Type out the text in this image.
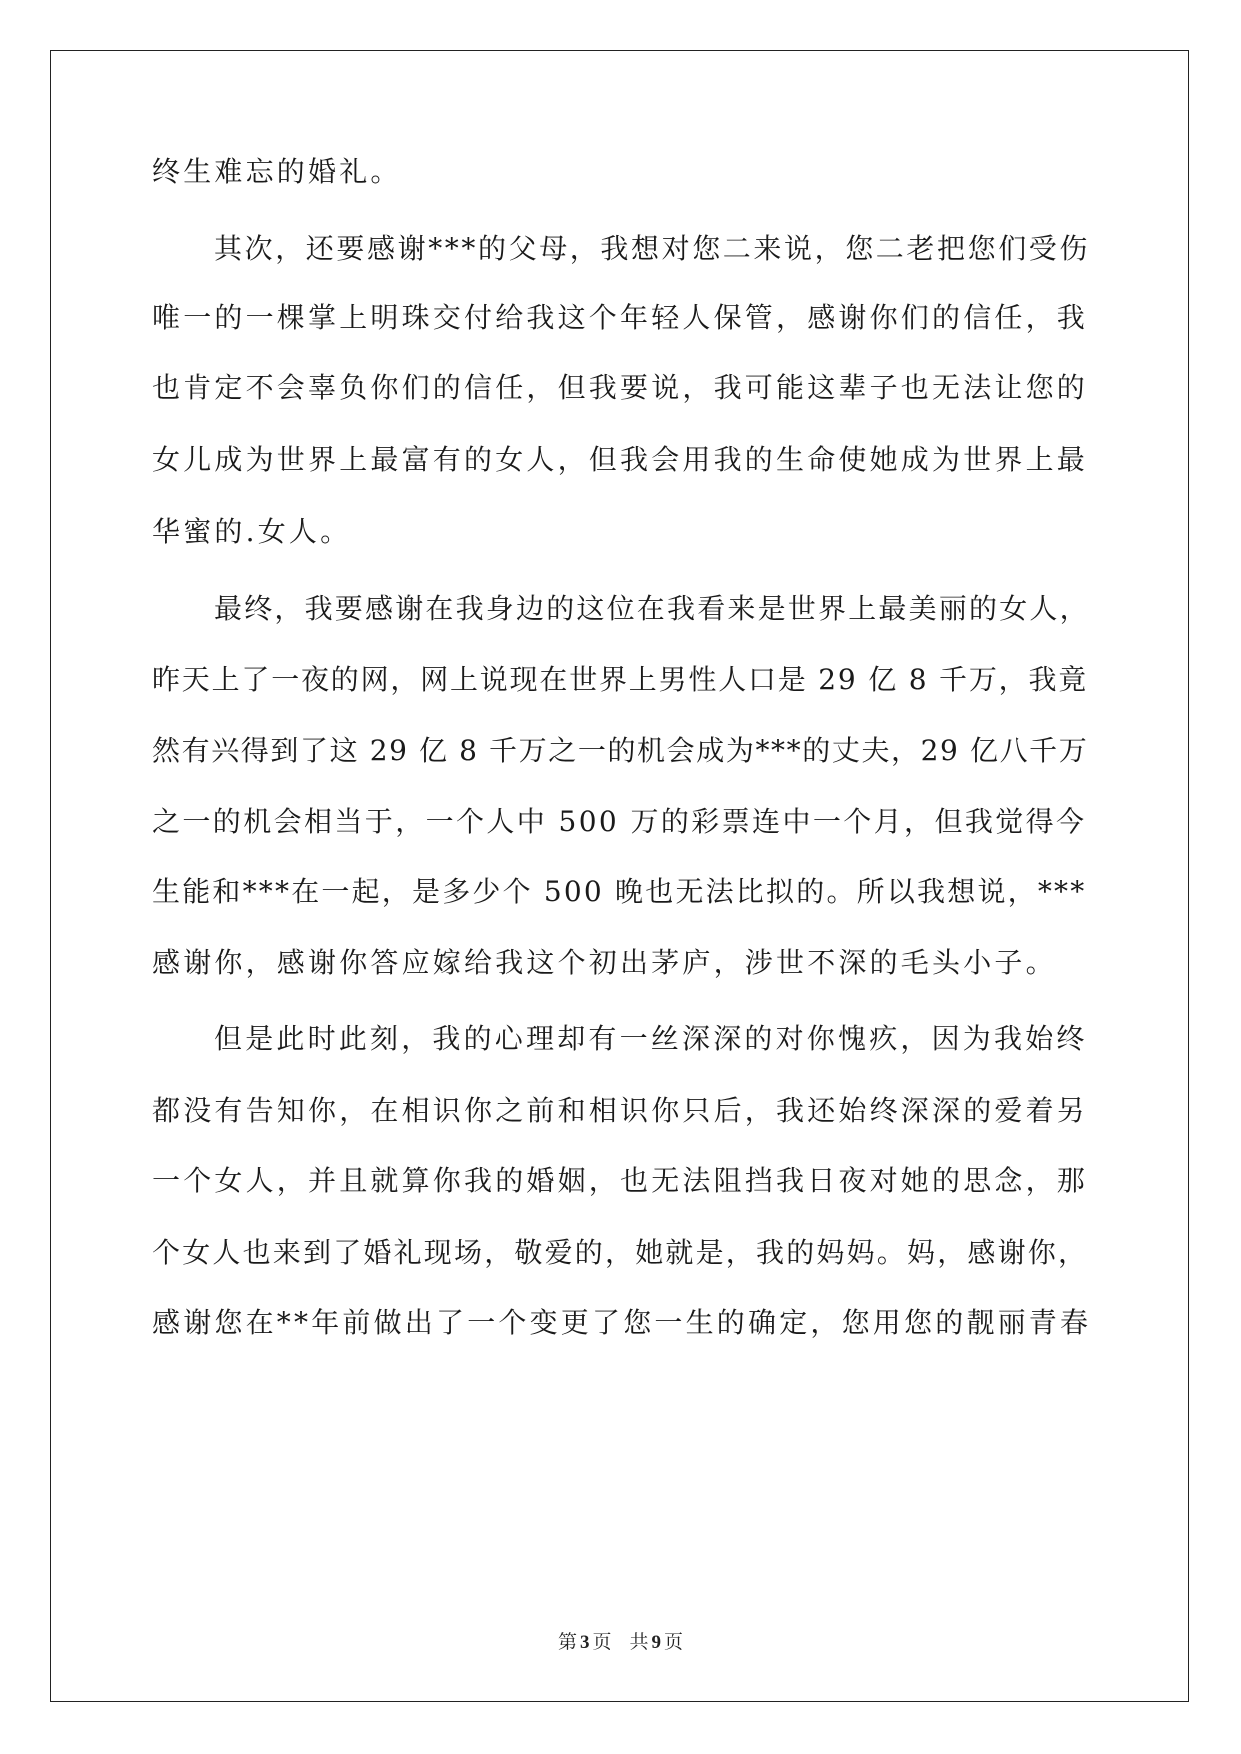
终生难忘的婚礼。
其次，还要感谢***的父母，我想对您二来说，您二老把您们受伤
唯一的一棵掌上明珠交付给我这个年轻人保管，感谢你们的信任，我
也肯定不会辜负你们的信任，但我要说，我可能这辈子也无法让您的
女儿成为世界上最富有的女人，但我会用我的生命使她成为世界上最
华蜜的.女人。
最终，我要感谢在我身边的这位在我看来是世界上最美丽的女人，
昨天上了一夜的网，网上说现在世界上男性人口是 29 亿 8 千万，我竟
然有兴得到了这 29 亿 8 千万之一的机会成为***的丈夫，29 亿八千万
之一的机会相当于，一个人中 500 万的彩票连中一个月，但我觉得今
生能和***在一起，是多少个 500 晚也无法比拟的。所以我想说，***
感谢你，感谢你答应嫁给我这个初出茅庐，涉世不深的毛头小子。
但是此时此刻，我的心理却有一丝深深的对你愧疚，因为我始终
都没有告知你，在相识你之前和相识你只后，我还始终深深的爱着另
一个女人，并且就算你我的婚姻，也无法阻挡我日夜对她的思念，那
个女人也来到了婚礼现场，敬爱的，她就是，我的妈妈。妈，感谢你，
感谢您在**年前做出了一个变更了您一生的确定，您用您的靓丽青春
第 3 页 共 9 页
